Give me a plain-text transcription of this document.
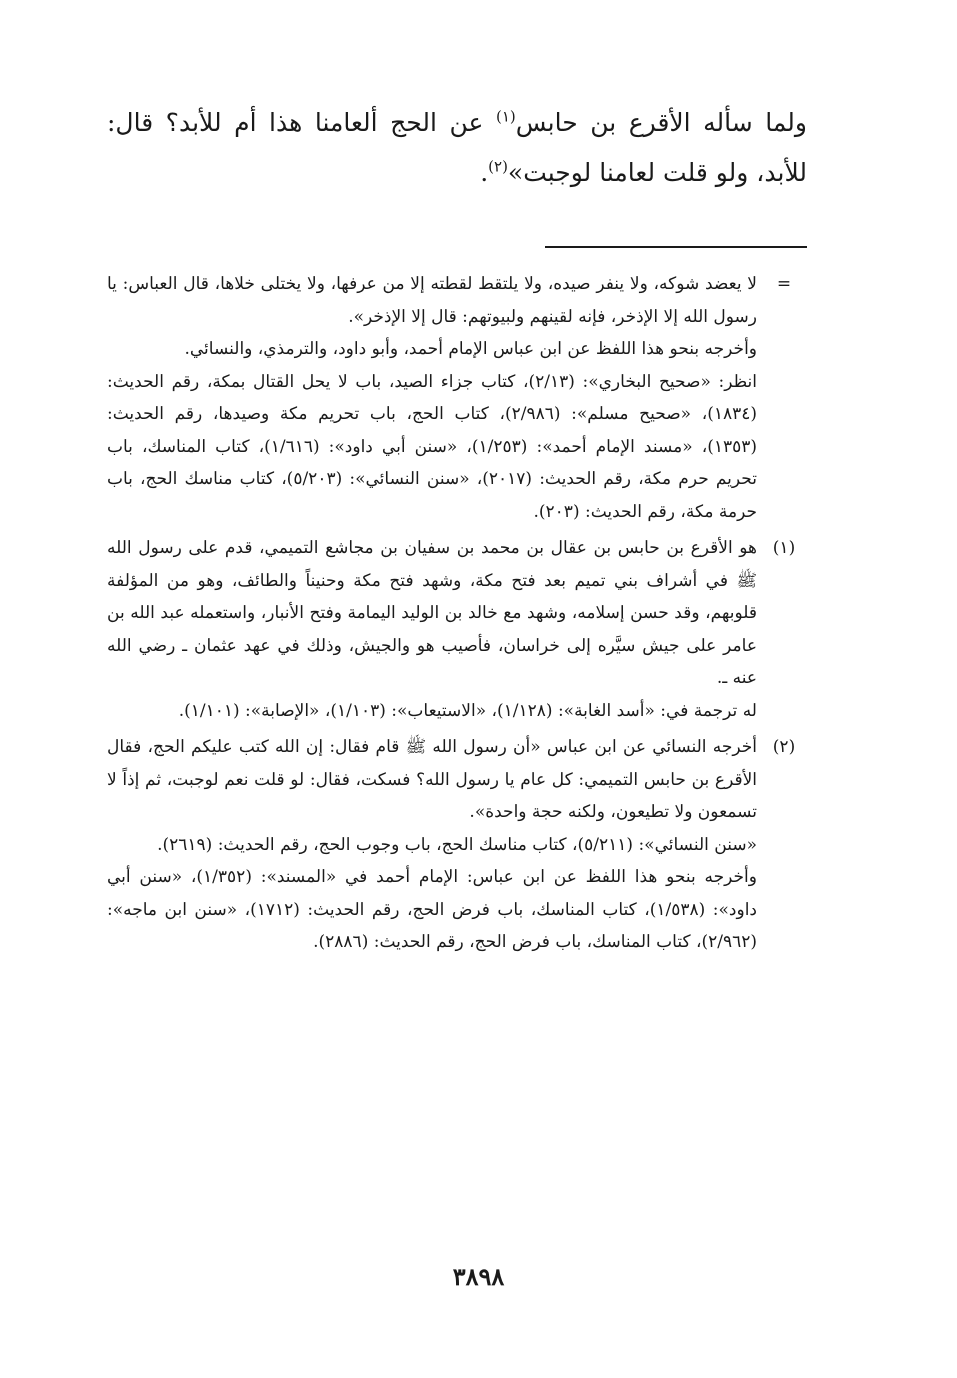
ولما سأله الأقرع بن حابس$^{(١)}$ عن الحج ألعامنا هذا أم للأبد؟ قال: للأبد، ولو قلت لعامنا لوجبت»$^{(٢)}$.

=

لا يعضد شوكه، ولا ينفر صيده، ولا يلتقط لقطته إلا من عرفها، ولا يختلى خلاها، قال العباس: يا رسول الله إلا الإذخر، فإنه لقينهم ولبيوتهم: قال إلا الإذخر».

وأخرجه بنحو هذا اللفظ عن ابن عباس الإمام أحمد، وأبو داود، والترمذي، والنسائي.

انظر: «صحيح البخاري»: (٢/١٣)، كتاب جزاء الصيد، باب لا يحل القتال بمكة، رقم الحديث: (١٨٣٤)، «صحيح مسلم»: (٢/٩٨٦)، كتاب الحج، باب تحريم مكة وصيدها، رقم الحديث: (١٣٥٣)، «مسند الإمام أحمد»: (١/٢٥٣)، «سنن أبي داود»: (١/٦١٦)، كتاب المناسك، باب تحريم حرم مكة، رقم الحديث: (٢٠١٧)، «سنن النسائي»: (٥/٢٠٣)، كتاب مناسك الحج، باب حرمة مكة، رقم الحديث: (٢٠٣).

(١)

هو الأقرع بن حابس بن عقال بن محمد بن سفيان بن مجاشع التميمي، قدم على رسول الله ﷺ في أشراف بني تميم بعد فتح مكة، وشهد فتح مكة وحنيناً والطائف، وهو من المؤلفة قلوبهم، وقد حسن إسلامه، وشهد مع خالد بن الوليد اليمامة وفتح الأنبار، واستعمله عبد الله بن عامر على جيش سيَّره إلى خراسان، فأصيب هو والجيش، وذلك في عهد عثمان ـ رضي الله عنه ـ.

له ترجمة في: «أسد الغابة»: (١/١٢٨)، «الاستيعاب»: (١/١٠٣)، «الإصابة»: (١/١٠١).

(٢)

أخرجه النسائي عن ابن عباس «أن رسول الله ﷺ قام فقال: إن الله كتب عليكم الحج، فقال الأقرع بن حابس التميمي: كل عام يا رسول الله؟ فسكت، فقال: لو قلت نعم لوجبت، ثم إذاً لا تسمعون ولا تطيعون، ولكنه حجة واحدة».

«سنن النسائي»: (٥/٢١١)، كتاب مناسك الحج، باب وجوب الحج، رقم الحديث: (٢٦١٩).

وأخرجه بنحو هذا اللفظ عن ابن عباس: الإمام أحمد في «المسند»: (١/٣٥٢)، «سنن أبي داود»: (١/٥٣٨)، كتاب المناسك، باب فرض الحج، رقم الحديث: (١٧١٢)، «سنن ابن ماجه»: (٢/٩٦٢)، كتاب المناسك، باب فرض الحج، رقم الحديث: (٢٨٨٦).

٣٨٩٨
